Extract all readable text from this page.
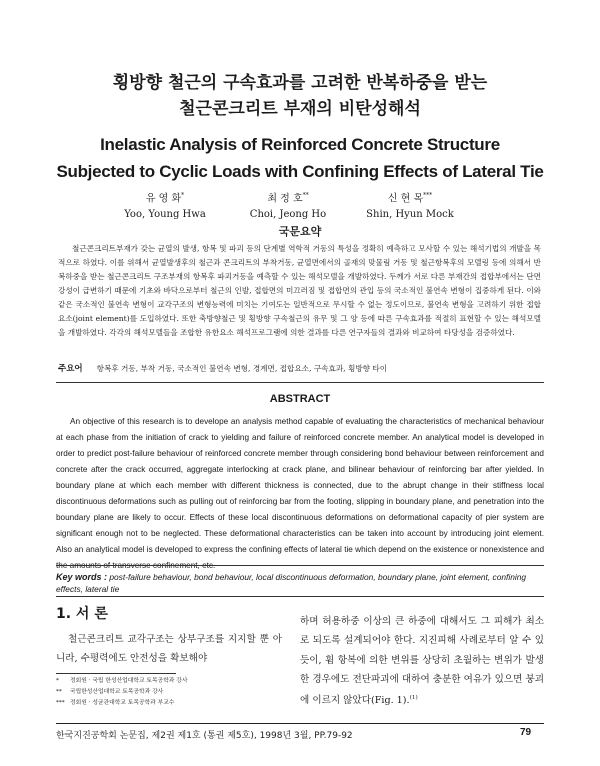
횡방향 철근의 구속효과를 고려한 반복하중을 받는
철근콘크리트 부재의 비탄성해석
Inelastic Analysis of Reinforced Concrete Structure
Subjected to Cyclic Loads with Confining Effects of Lateral Tie
유 영 화*
Yoo, Young Hwa
최 정 호**
Choi, Jeong Ho
신 현 목***
Shin, Hyun Mock
국문요약

철근콘크리트부재가 갖는 균열의 발생, 항복 및 파괴 등의 단계별 역학적 거동의 특성을 정확히 예측하고 모사할 수 있는 해석기법의 개발을 목적으로 하였다. 이를 위해서 균열발생후의 철근과 콘크리트의 부착거동, 균열면에서의 골재의 맞물림 거동 및 철근항복후의 모델링 등에 의해서 반복하중을 받는 철근콘크리트 구조부재의 항복후 파괴거동을 예측할 수 있는 해석모델을 개발하였다. 두께가 서로 다른 부재간의 접합부에서는 단면강성이 급변하기 때문에 기초와 바닥으로부터 철근의 인발, 접합면의 미끄러짐 및 접합면의 관입 등의 국소적인 불연속 변형이 집중하게 된다. 이와 같은 국소적인 불연속 변형이 교각구조의 변형능력에 미치는 기여도는 일반적으로 무시할 수 없는 정도이므로, 불연속 변형을 고려하기 위한 접합요소(joint element)를 도입하였다. 또한 축방향철근 및 횡방향 구속철근의 유무 및 그 양 등에 따른 구속효과를 적절히 표현할 수 있는 해석모델을 개발하였다. 각각의 해석모델들을 조합한 유한요소 해석프로그램에 의한 결과를 다른 연구자들의 결과와 비교하여 타당성을 검증하였다.

주요어 항복후 거동, 부착 거동, 국소적인 불연속 변형, 경계면, 접합요소, 구속효과, 횡방향 타이
ABSTRACT

An objective of this research is to develope an analysis method capable of evaluating the characteristics of mechanical behaviour at each phase from the initiation of crack to yielding and failure of reinforced concrete member. An analytical model is developed in order to predict post-failure behaviour of reinforced concrete member through considering bond behaviour between reinforcement and concrete after the crack occurred, aggregate interlocking at crack plane, and bilinear behaviour of reinforcing bar after yielded. In boundary plane at which each member with different thickness is connected, due to the abrupt change in their stiffness local discontinuous deformations such as pulling out of reinforcing bar from the footing, slipping in boundary plane, and penetration into the boundary plane are likely to occur. Effects of these local discontinuous deformations on deformational capacity of pier system are significant enough not to be neglected. These deformational characteristics can be taken into account by introducing joint element. Also an analytical model is developed to express the confining effects of lateral tie which depend on the existence or nonexistence and the amounts of transverse confinement, etc.

Key words : post-failure behaviour, bond behaviour, local discontinuous deformation, boundary plane, joint element, confining effects, lateral tie
1. 서 론

철근콘크리트 교각구조는 상부구조를 지지할 뿐 아니라, 수평력에도 안전성을 확보해야

하며 허용하중 이상의 큰 하중에 대해서도 그 피해가 최소로 되도록 설계되어야 한다. 지진피해 사례로부터 알 수 있듯이, 휨 항복에 의한 변위를 상당히 초월하는 변위가 발생한 경우에도 전단파괴에 대하여 충분한 여유가 있으면 붕괴에 이르지 않았다(Fig. 1).$^{(1)}$

* 정회원 · 국립 한성산업대학교 토목공학과 강사
** 국립한성산업대학교 토목공학과 강사
*** 정회원 · 성균관대학교 토목공학과 부교수
한국지진공학회 논문집, 제2권 제1호 (통권 제5호), 1998년 3월, PP.79-92	79
